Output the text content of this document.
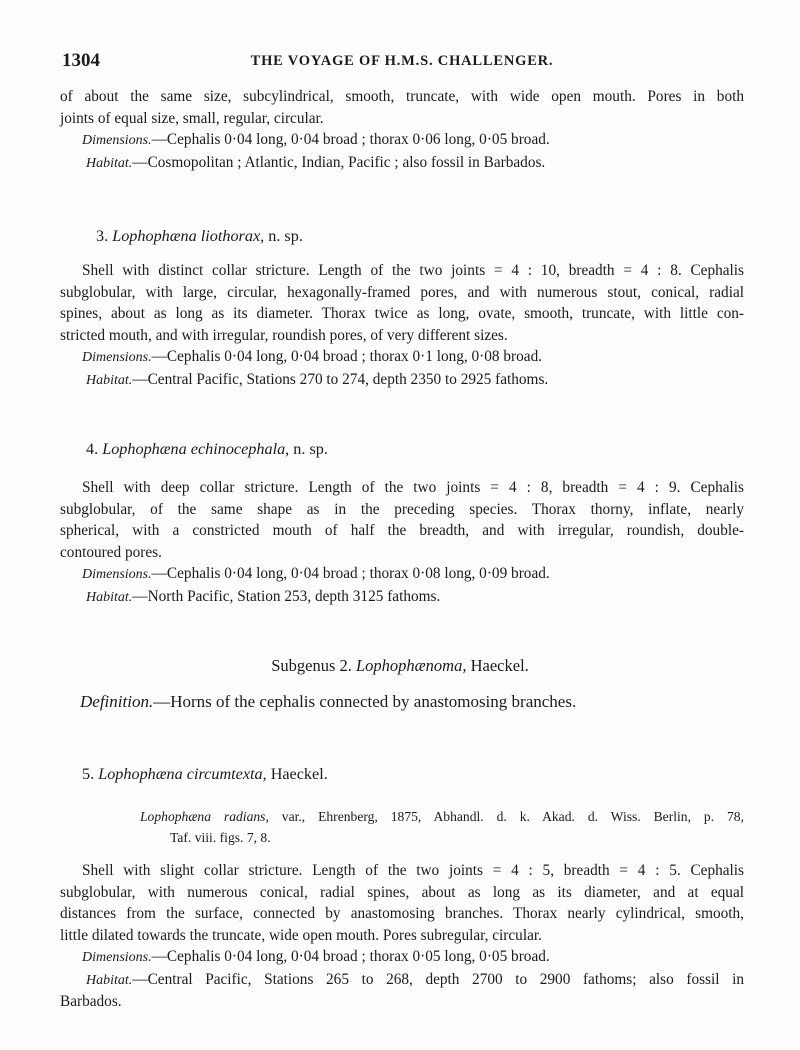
1304	THE VOYAGE OF H.M.S. CHALLENGER.
of about the same size, subcylindrical, smooth, truncate, with wide open mouth. Pores in both
joints of equal size, small, regular, circular.
Dimensions.—Cephalis 0·04 long, 0·04 broad ; thorax 0·06 long, 0·05 broad.
Habitat.—Cosmopolitan ; Atlantic, Indian, Pacific ; also fossil in Barbados.
3. Lophophæna liothorax, n. sp.
Shell with distinct collar stricture. Length of the two joints = 4 : 10, breadth = 4 : 8. Cephalis
subglobular, with large, circular, hexagonally-framed pores, and with numerous stout, conical, radial
spines, about as long as its diameter. Thorax twice as long, ovate, smooth, truncate, with little con-
stricted mouth, and with irregular, roundish pores, of very different sizes.
Dimensions.—Cephalis 0·04 long, 0·04 broad ; thorax 0·1 long, 0·08 broad.
Habitat.—Central Pacific, Stations 270 to 274, depth 2350 to 2925 fathoms.
4. Lophophæna echinocephala, n. sp.
Shell with deep collar stricture. Length of the two joints = 4 : 8, breadth = 4 : 9. Cephalis
subglobular, of the same shape as in the preceding species. Thorax thorny, inflate, nearly
spherical, with a constricted mouth of half the breadth, and with irregular, roundish, double-
contoured pores.
Dimensions.—Cephalis 0·04 long, 0·04 broad ; thorax 0·08 long, 0·09 broad.
Habitat.—North Pacific, Station 253, depth 3125 fathoms.
Subgenus 2. Lophophænoma, Haeckel.
Definition.—Horns of the cephalis connected by anastomosing branches.
5. Lophophæna circumtexta, Haeckel.
Lophophæna radians, var., Ehrenberg, 1875, Abhandl. d. k. Akad. d. Wiss. Berlin, p. 78,
Taf. viii. figs. 7, 8.
Shell with slight collar stricture. Length of the two joints = 4 : 5, breadth = 4 : 5. Cephalis
subglobular, with numerous conical, radial spines, about as long as its diameter, and at equal
distances from the surface, connected by anastomosing branches. Thorax nearly cylindrical, smooth,
little dilated towards the truncate, wide open mouth. Pores subregular, circular.
Dimensions.—Cephalis 0·04 long, 0·04 broad ; thorax 0·05 long, 0·05 broad.
Habitat.—Central Pacific, Stations 265 to 268, depth 2700 to 2900 fathoms; also fossil in
Barbados.
